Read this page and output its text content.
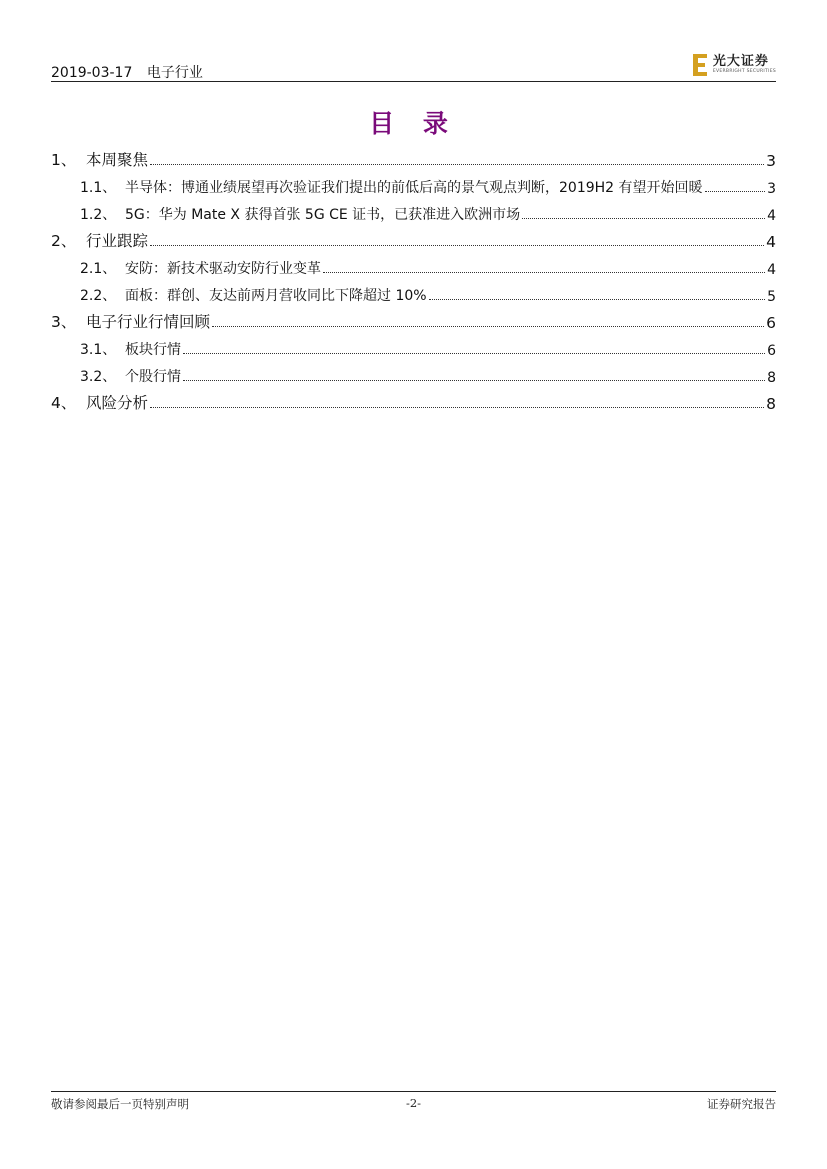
2019-03-17 电子行业
光大证券
EVERBRIGHT SECURITIES
目 录
1、 本周聚焦	3
1.1、 半导体：博通业绩展望再次验证我们提出的前低后高的景气观点判断，2019H2 有望开始回暖	3
1.2、 5G：华为 Mate X 获得首张 5G CE 证书，已获准进入欧洲市场	4
2、 行业跟踪	4
2.1、 安防：新技术驱动安防行业变革	4
2.2、 面板：群创、友达前两月营收同比下降超过 10%	5
3、 电子行业行情回顾	6
3.1、 板块行情	6
3.2、 个股行情	8
4、 风险分析	8
敬请参阅最后一页特别声明	-2-	证券研究报告
